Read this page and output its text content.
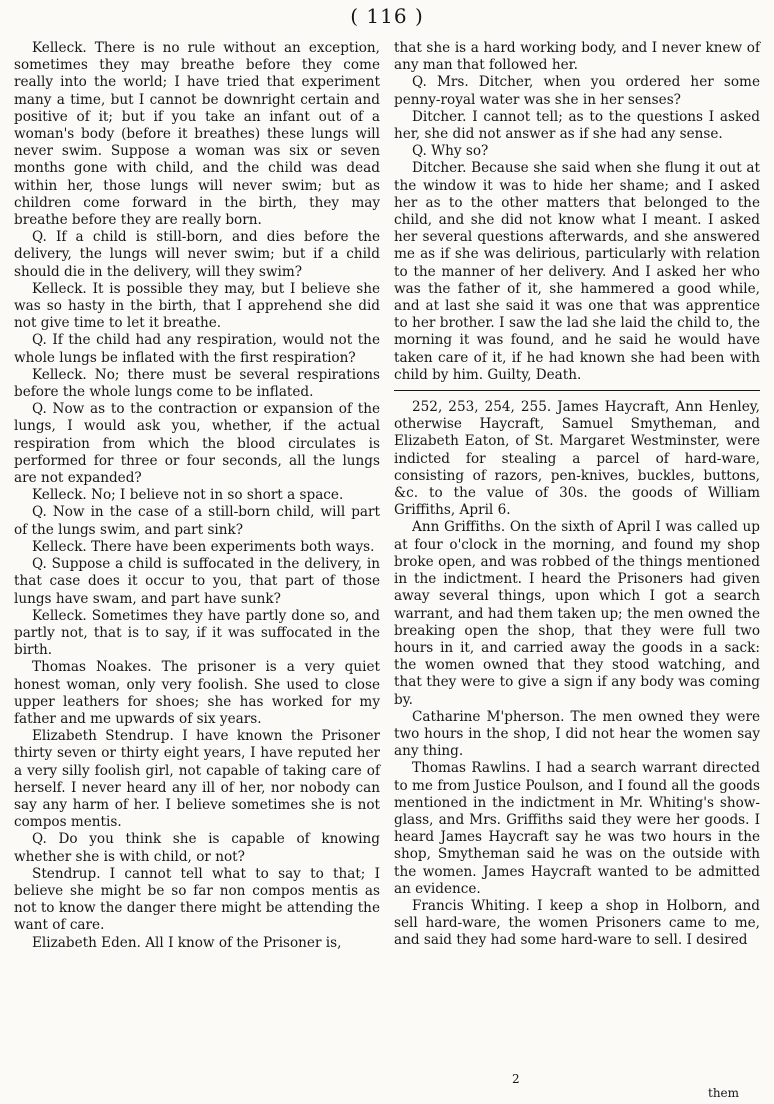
( 116 )

Kelleck. There is no rule without an exception, sometimes they may breathe before they come really into the world; I have tried that experiment many a time, but I cannot be downright certain and positive of it; but if you take an infant out of a woman's body (before it breathes) these lungs will never swim. Suppose a woman was six or seven months gone with child, and the child was dead within her, those lungs will never swim; but as children come forward in the birth, they may breathe before they are really born.

Q. If a child is still-born, and dies before the delivery, the lungs will never swim; but if a child should die in the delivery, will they swim?

Kelleck. It is possible they may, but I believe she was so hasty in the birth, that I apprehend she did not give time to let it breathe.

Q. If the child had any respiration, would not the whole lungs be inflated with the first respiration?

Kelleck. No; there must be several respirations before the whole lungs come to be inflated.

Q. Now as to the contraction or expansion of the lungs, I would ask you, whether, if the actual respiration from which the blood circulates is performed for three or four seconds, all the lungs are not expanded?

Kelleck. No; I believe not in so short a space.

Q. Now in the case of a still-born child, will part of the lungs swim, and part sink?

Kelleck. There have been experiments both ways.

Q. Suppose a child is suffocated in the delivery, in that case does it occur to you, that part of those lungs have swam, and part have sunk?

Kelleck. Sometimes they have partly done so, and partly not, that is to say, if it was suffocated in the birth.

Thomas Noakes. The prisoner is a very quiet honest woman, only very foolish. She used to close upper leathers for shoes; she has worked for my father and me upwards of six years.

Elizabeth Stendrup. I have known the Prisoner thirty seven or thirty eight years, I have reputed her a very silly foolish girl, not capable of taking care of herself. I never heard any ill of her, nor nobody can say any harm of her. I believe sometimes she is not compos mentis.

Q. Do you think she is capable of knowing whether she is with child, or not?

Stendrup. I cannot tell what to say to that; I believe she might be so far non compos mentis as not to know the danger there might be attending the want of care.

Elizabeth Eden. All I know of the Prisoner is,

that she is a hard working body, and I never knew of any man that followed her.

Q. Mrs. Ditcher, when you ordered her some penny-royal water was she in her senses?

Ditcher. I cannot tell; as to the questions I asked her, she did not answer as if she had any sense.

Q. Why so?

Ditcher. Because she said when she flung it out at the window it was to hide her shame; and I asked her as to the other matters that belonged to the child, and she did not know what I meant. I asked her several questions afterwards, and she answered me as if she was delirious, particularly with relation to the manner of her delivery. And I asked her who was the father of it, she hammered a good while, and at last she said it was one that was apprentice to her brother. I saw the lad she laid the child to, the morning it was found, and he said he would have taken care of it, if he had known she had been with child by him. Guilty, Death.

252, 253, 254, 255. James Haycraft, Ann Henley, otherwise Haycraft, Samuel Smytheman, and Elizabeth Eaton, of St. Margaret Westminster, were indicted for stealing a parcel of hard-ware, consisting of razors, pen-knives, buckles, buttons, &c. to the value of 30s. the goods of William Griffiths, April 6.

Ann Griffiths. On the sixth of April I was called up at four o'clock in the morning, and found my shop broke open, and was robbed of the things mentioned in the indictment. I heard the Prisoners had given away several things, upon which I got a search warrant, and had them taken up; the men owned the breaking open the shop, that they were full two hours in it, and carried away the goods in a sack: the women owned that they stood watching, and that they were to give a sign if any body was coming by.

Catharine M'pherson. The men owned they were two hours in the shop, I did not hear the women say any thing.

Thomas Rawlins. I had a search warrant directed to me from Justice Poulson, and I found all the goods mentioned in the indictment in Mr. Whiting's show-glass, and Mrs. Griffiths said they were her goods. I heard James Haycraft say he was two hours in the shop, Smytheman said he was on the outside with the women. James Haycraft wanted to be admitted an evidence.

Francis Whiting. I keep a shop in Holborn, and sell hard-ware, the women Prisoners came to me, and said they had some hard-ware to sell. I desired

2
them
